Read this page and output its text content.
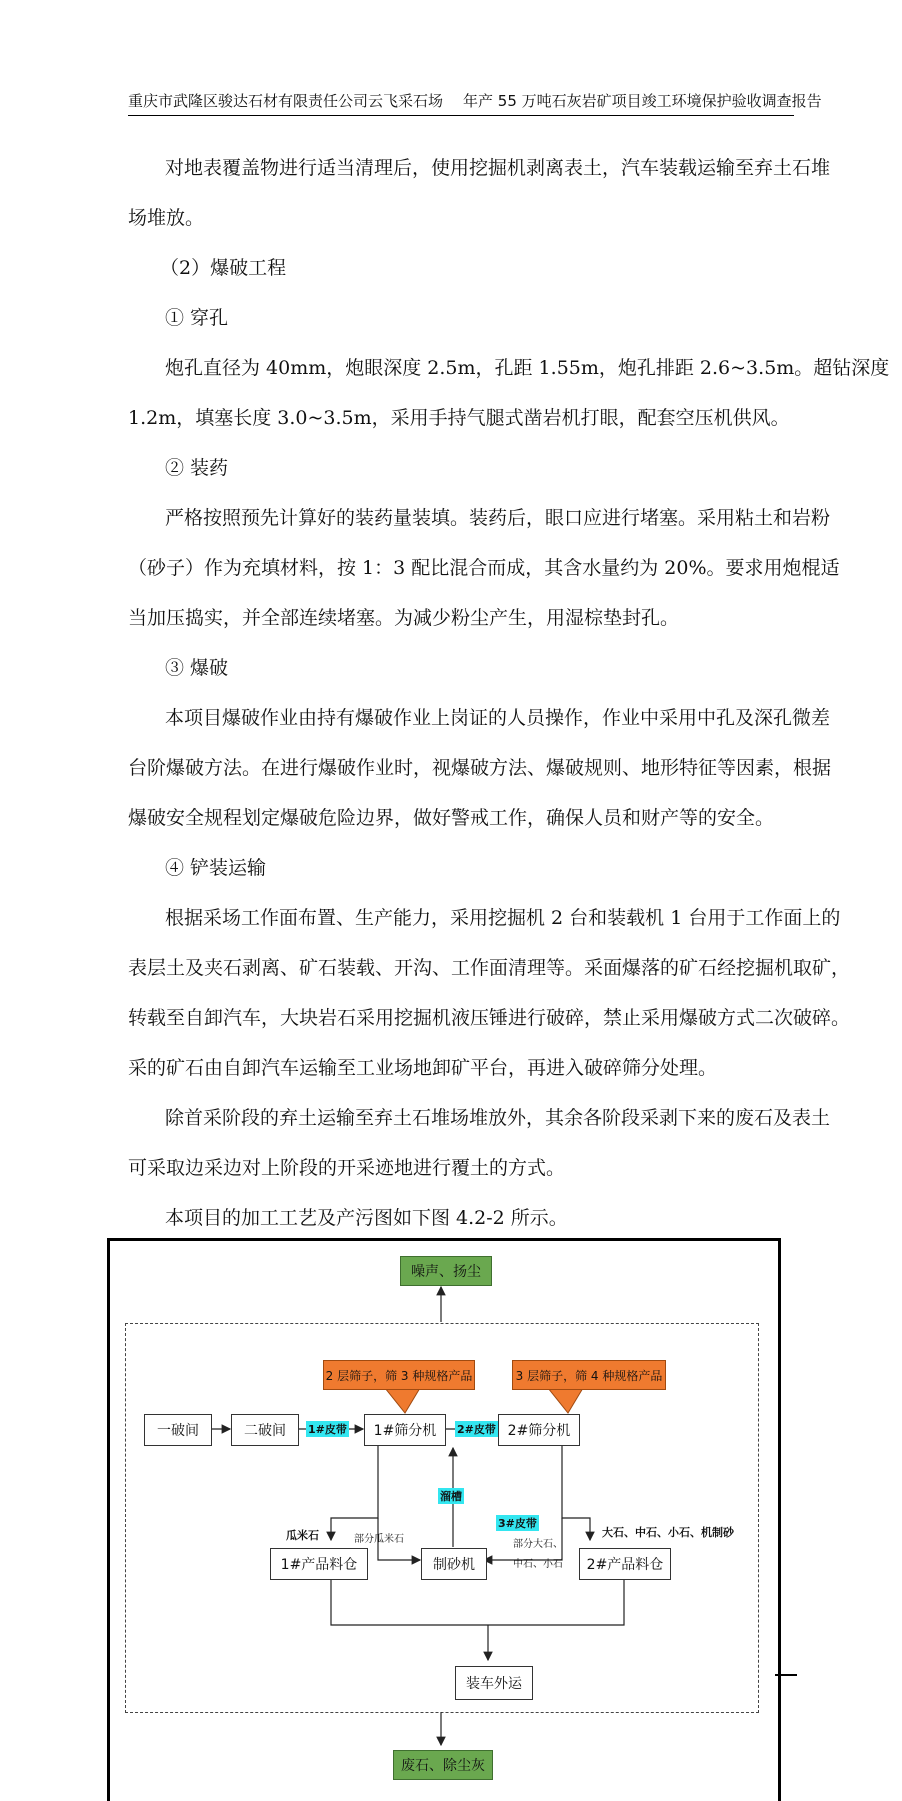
重庆市武隆区骏达石材有限责任公司云飞采石场 年产 55 万吨石灰岩矿项目竣工环境保护验收调查报告
对地表覆盖物进行适当清理后，使用挖掘机剥离表土，汽车装载运输至弃土石堆
场堆放。
（2）爆破工程
① 穿孔
炮孔直径为 40mm，炮眼深度 2.5m，孔距 1.55m，炮孔排距 2.6~3.5m。超钻深度
1.2m，填塞长度 3.0~3.5m，采用手持气腿式凿岩机打眼，配套空压机供风。
② 装药
严格按照预先计算好的装药量装填。装药后，眼口应进行堵塞。采用粘土和岩粉
（砂子）作为充填材料，按 1：3 配比混合而成，其含水量约为 20%。要求用炮棍适
当加压捣实，并全部连续堵塞。为减少粉尘产生，用湿棕垫封孔。
③ 爆破
本项目爆破作业由持有爆破作业上岗证的人员操作，作业中采用中孔及深孔微差
台阶爆破方法。在进行爆破作业时，视爆破方法、爆破规则、地形特征等因素，根据
爆破安全规程划定爆破危险边界，做好警戒工作，确保人员和财产等的安全。
④ 铲装运输
根据采场工作面布置、生产能力，采用挖掘机 2 台和装载机 1 台用于工作面上的
表层土及夹石剥离、矿石装载、开沟、工作面清理等。采面爆落的矿石经挖掘机取矿，
转载至自卸汽车，大块岩石采用挖掘机液压锤进行破碎，禁止采用爆破方式二次破碎。
采的矿石由自卸汽车运输至工业场地卸矿平台，再进入破碎筛分处理。
除首采阶段的弃土运输至弃土石堆场堆放外，其余各阶段采剥下来的废石及表土
可采取边采边对上阶段的开采迹地进行覆土的方式。
本项目的加工工艺及产污图如下图 4.2-2 所示。
噪声、扬尘
废石、除尘灰
2 层筛子，筛 3 种规格产品	3 层筛子，筛 4 种规格产品
一破间	二破间	1#筛分机	2#筛分机
1#产品料仓	制砂机	2#产品料仓
装车外运
1#皮带	2#皮带
3#皮带
溜槽
瓜米石	部分瓜米石
大石、中石、小石、机制砂
部分大石、
中石、小石
